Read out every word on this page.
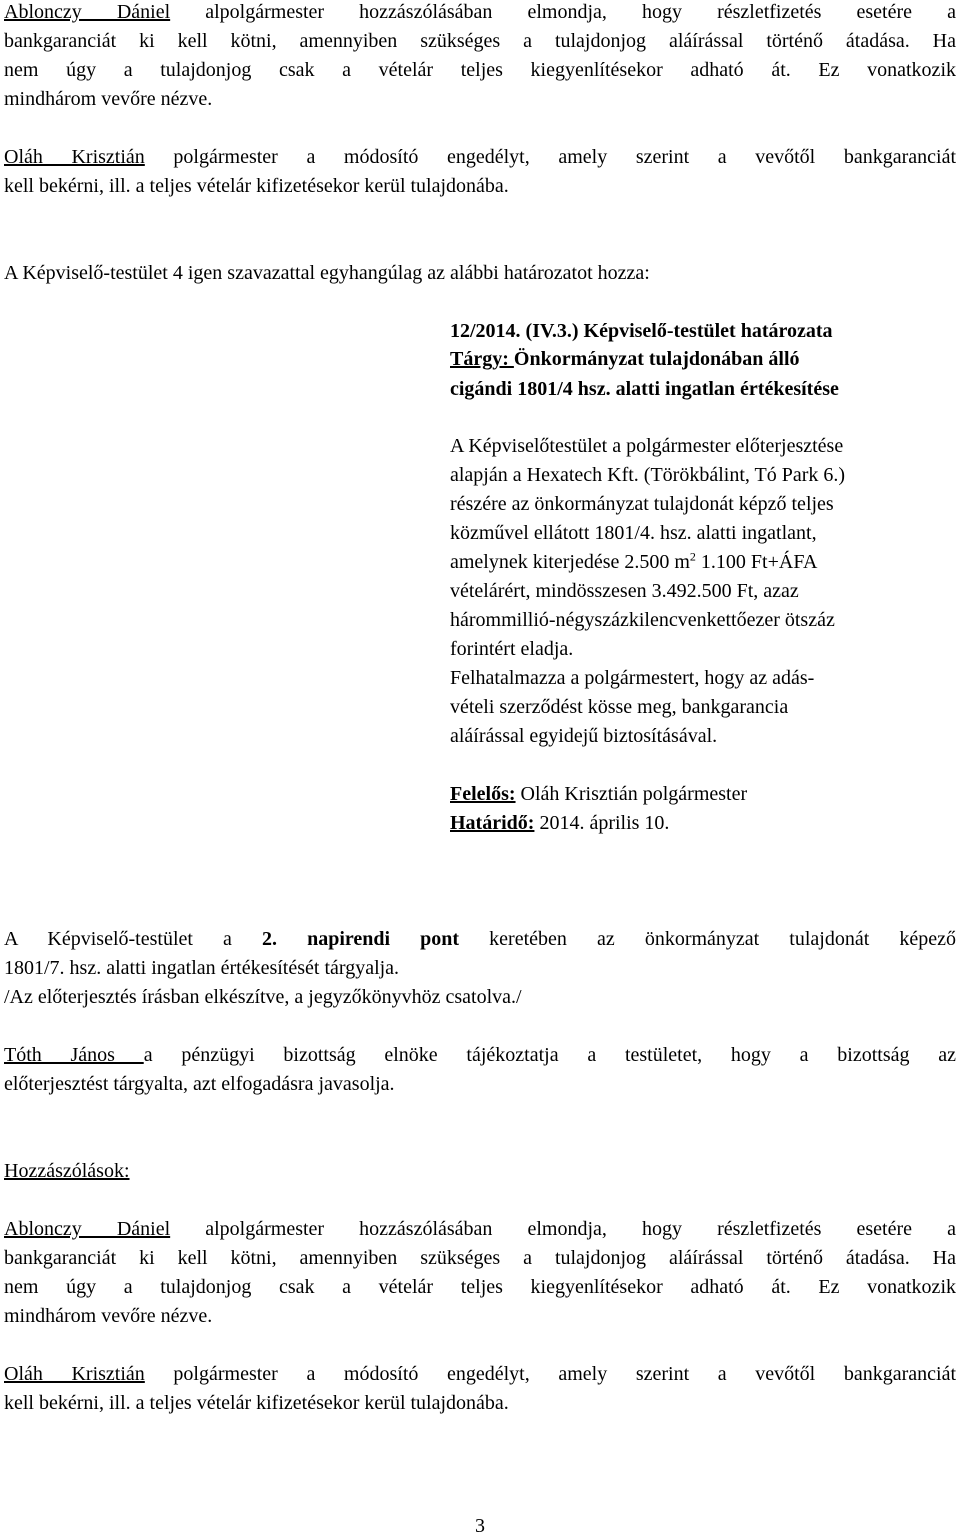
Ablonczy Dániel alpolgármester hozzászólásában elmondja, hogy részletfizetés esetére a
bankgaranciát ki kell kötni, amennyiben szükséges a tulajdonjog aláírással történő átadása. Ha
nem úgy a tulajdonjog csak a vételár teljes kiegyenlítésekor adható át. Ez vonatkozik
mindhárom vevőre nézve.
Oláh Krisztián polgármester a módosító engedélyt, amely szerint a vevőtől bankgaranciát
kell bekérni, ill. a teljes vételár kifizetésekor kerül tulajdonába.
A Képviselő-testület 4 igen szavazattal egyhangúlag az alábbi határozatot hozza:
12/2014. (IV.3.) Képviselő-testület határozata
Tárgy: Önkormányzat tulajdonában álló
cigándi 1801/4 hsz. alatti ingatlan értékesítése
A Képviselőtestület a polgármester előterjesztése
alapján a Hexatech Kft. (Törökbálint, Tó Park 6.)
részére az önkormányzat tulajdonát képző teljes
közművel ellátott 1801/4. hsz. alatti ingatlant,
amelynek kiterjedése 2.500 $m^2$ 1.100 Ft+ÁFA
vételárért, mindösszesen 3.492.500 Ft, azaz
hárommillió-négyszázkilencvenkettőezer ötszáz
forintért eladja.
Felhatalmazza a polgármestert, hogy az adás-
vételi szerződést kösse meg, bankgarancia
aláírással egyidejű biztosításával.
Felelős: Oláh Krisztián polgármester
Határidő: 2014. április 10.
A Képviselő-testület a 2. napirendi pont keretében az önkormányzat tulajdonát képező
1801/7. hsz. alatti ingatlan értékesítését tárgyalja.
/Az előterjesztés írásban elkészítve, a jegyzőkönyvhöz csatolva./
Tóth János a pénzügyi bizottság elnöke tájékoztatja a testületet, hogy a bizottság az
előterjesztést tárgyalta, azt elfogadásra javasolja.
Hozzászólások:
Ablonczy Dániel alpolgármester hozzászólásában elmondja, hogy részletfizetés esetére a
bankgaranciát ki kell kötni, amennyiben szükséges a tulajdonjog aláírással történő átadása. Ha
nem úgy a tulajdonjog csak a vételár teljes kiegyenlítésekor adható át. Ez vonatkozik
mindhárom vevőre nézve.
Oláh Krisztián polgármester a módosító engedélyt, amely szerint a vevőtől bankgaranciát
kell bekérni, ill. a teljes vételár kifizetésekor kerül tulajdonába.
3
